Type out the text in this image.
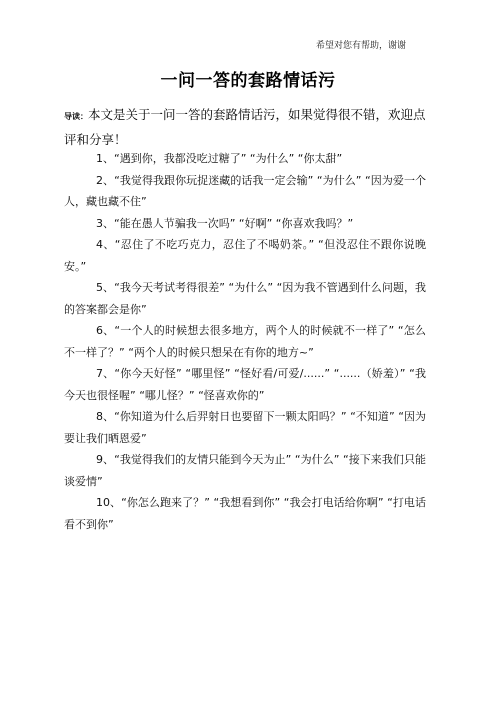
希望对您有帮助，谢谢
一问一答的套路情话污
导读：本文是关于一问一答的套路情话污，如果觉得很不错，欢迎点评和分享！

1、“遇到你，我都没吃过糖了” “为什么” “你太甜”

2、“我觉得我跟你玩捉迷藏的话我一定会输” “为什么” “因为爱一个人，藏也藏不住”

3、“能在愚人节骗我一次吗” “好啊” “你喜欢我吗？”

4、“忍住了不吃巧克力，忍住了不喝奶茶。” “但没忍住不跟你说晚安。”

5、“我今天考试考得很差” “为什么” “因为我不管遇到什么问题，我的答案都会是你”

6、“一个人的时候想去很多地方，两个人的时候就不一样了” “怎么不一样了？” “两个人的时候只想呆在有你的地方~”

7、“你今天好怪” “哪里怪” “怪好看/可爱/......” “......（娇羞）” “我今天也很怪喔” “哪儿怪？” “怪喜欢你的”

8、“你知道为什么后羿射日也要留下一颗太阳吗？” “不知道” “因为要让我们晒恩爱”

9、“我觉得我们的友情只能到今天为止” “为什么” “接下来我们只能谈爱情”

10、“你怎么跑来了？” “我想看到你” “我会打电话给你啊” “打电话看不到你”
